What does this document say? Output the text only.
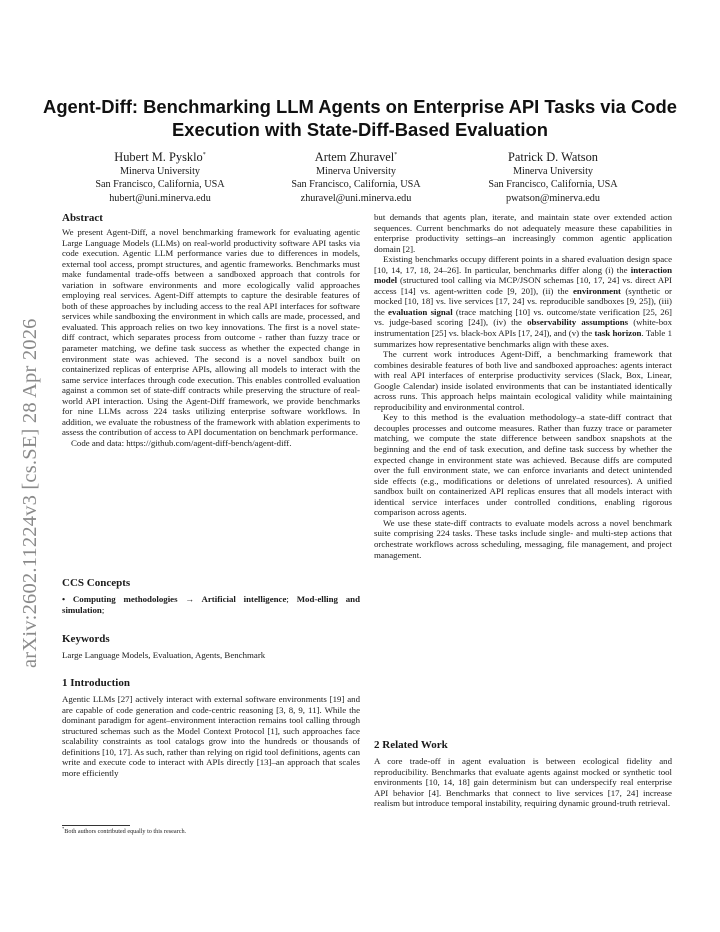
arXiv:2602.11224v3 [cs.SE] 28 Apr 2026
Agent-Diff: Benchmarking LLM Agents on Enterprise API Tasks via Code Execution with State-Diff-Based Evaluation
Hubert M. Pysklo*
Minerva University
San Francisco, California, USA
hubert@uni.minerva.edu
Artem Zhuravel*
Minerva University
San Francisco, California, USA
zhuravel@uni.minerva.edu
Patrick D. Watson
Minerva University
San Francisco, California, USA
pwatson@minerva.edu
Abstract

We present Agent-Diff, a novel benchmarking framework for evaluating agentic Large Language Models (LLMs) on real-world productivity software API tasks via code execution. Agentic LLM performance varies due to differences in models, external tool access, prompt structures, and agentic frameworks. Benchmarks must make fundamental trade-offs between a sandboxed approach that controls for variation in software environments and more ecologically valid approaches employing real services. Agent-Diff attempts to capture the desirable features of both of these approaches by including access to the real API interfaces for software services while sandboxing the environment in which calls are made, processed, and evaluated. This approach relies on two key innovations. The first is a novel state-diff contract, which separates process from outcome - rather than fuzzy trace or parameter matching, we define task success as whether the expected change in environment state was achieved. The second is a novel sandbox built on containerized replicas of enterprise APIs, allowing all models to interact with the same service interfaces through code execution. This enables controlled evaluation against a common set of state-diff contracts while preserving the structure of real-world API interaction. Using the Agent-Diff framework, we provide benchmarks for nine LLMs across 224 tasks utilizing enterprise software workflows. In addition, we evaluate the robustness of the framework with ablation experiments to assess the contribution of access to API documentation on benchmark performance.

Code and data: https://github.com/agent-diff-bench/agent-diff.

CCS Concepts

• Computing methodologies → Artificial intelligence; Mod-elling and simulation;

Keywords

Large Language Models, Evaluation, Agents, Benchmark

1 Introduction

Agentic LLMs [27] actively interact with external software environments [19] and are capable of code generation and code-centric reasoning [3, 8, 9, 11]. While the dominant paradigm for agent–environment interaction remains tool calling through structured schemas such as the Model Context Protocol [1], such approaches face scalability constraints as tool catalogs grow into the hundreds or thousands of definitions [10, 17]. As such, rather than relying on rigid tool definitions, agents can write and execute code to interact with APIs directly [13]–an approach that scales more efficiently

*Both authors contributed equally to this research.

but demands that agents plan, iterate, and maintain state over extended action sequences. Current benchmarks do not adequately measure these capabilities in enterprise productivity settings–an increasingly common agentic application domain [2].

Existing benchmarks occupy different points in a shared evaluation design space [10, 14, 17, 18, 24–26]. In particular, benchmarks differ along (i) the interaction model (structured tool calling via MCP/JSON schemas [10, 17, 24] vs. direct API access [14] vs. agent-written code [9, 20]), (ii) the environment (synthetic or mocked [10, 18] vs. live services [17, 24] vs. reproducible sandboxes [9, 25]), (iii) the evaluation signal (trace matching [10] vs. outcome/state verification [25, 26] vs. judge-based scoring [24]), (iv) the observability assumptions (white-box instrumentation [25] vs. black-box APIs [17, 24]), and (v) the task horizon. Table 1 summarizes how representative benchmarks align with these axes.

The current work introduces Agent-Diff, a benchmarking framework that combines desirable features of both live and sandboxed approaches: agents interact with real API interfaces of enterprise productivity services (Slack, Box, Linear, Google Calendar) inside isolated environments that can be instantiated identically across runs. This approach helps maintain ecological validity while maintaining reproducibility and environmental control.

Key to this method is the evaluation methodology–a state-diff contract that decouples processes and outcome measures. Rather than fuzzy trace or parameter matching, we compute the state difference between sandbox snapshots at the beginning and the end of task execution, and define task success by whether the expected change in environment state was achieved. Because diffs are computed over the full environment state, we can enforce invariants and detect unintended side effects (e.g., modifications or deletions of unrelated resources). A unified sandbox built on containerized API replicas ensures that all models interact with identical service interfaces under controlled conditions, enabling rigorous comparison across agents.

We use these state-diff contracts to evaluate models across a novel benchmark suite comprising 224 tasks. These tasks include single- and multi-step actions that orchestrate workflows across scheduling, messaging, file management, and project management.

2 Related Work

A core trade-off in agent evaluation is between ecological fidelity and reproducibility. Benchmarks that evaluate agents against mocked or synthetic tool environments [10, 14, 18] gain determinism but can underspecify real enterprise API behavior [4]. Benchmarks that connect to live services [17, 24] increase realism but introduce temporal instability, requiring dynamic ground-truth retrieval.
